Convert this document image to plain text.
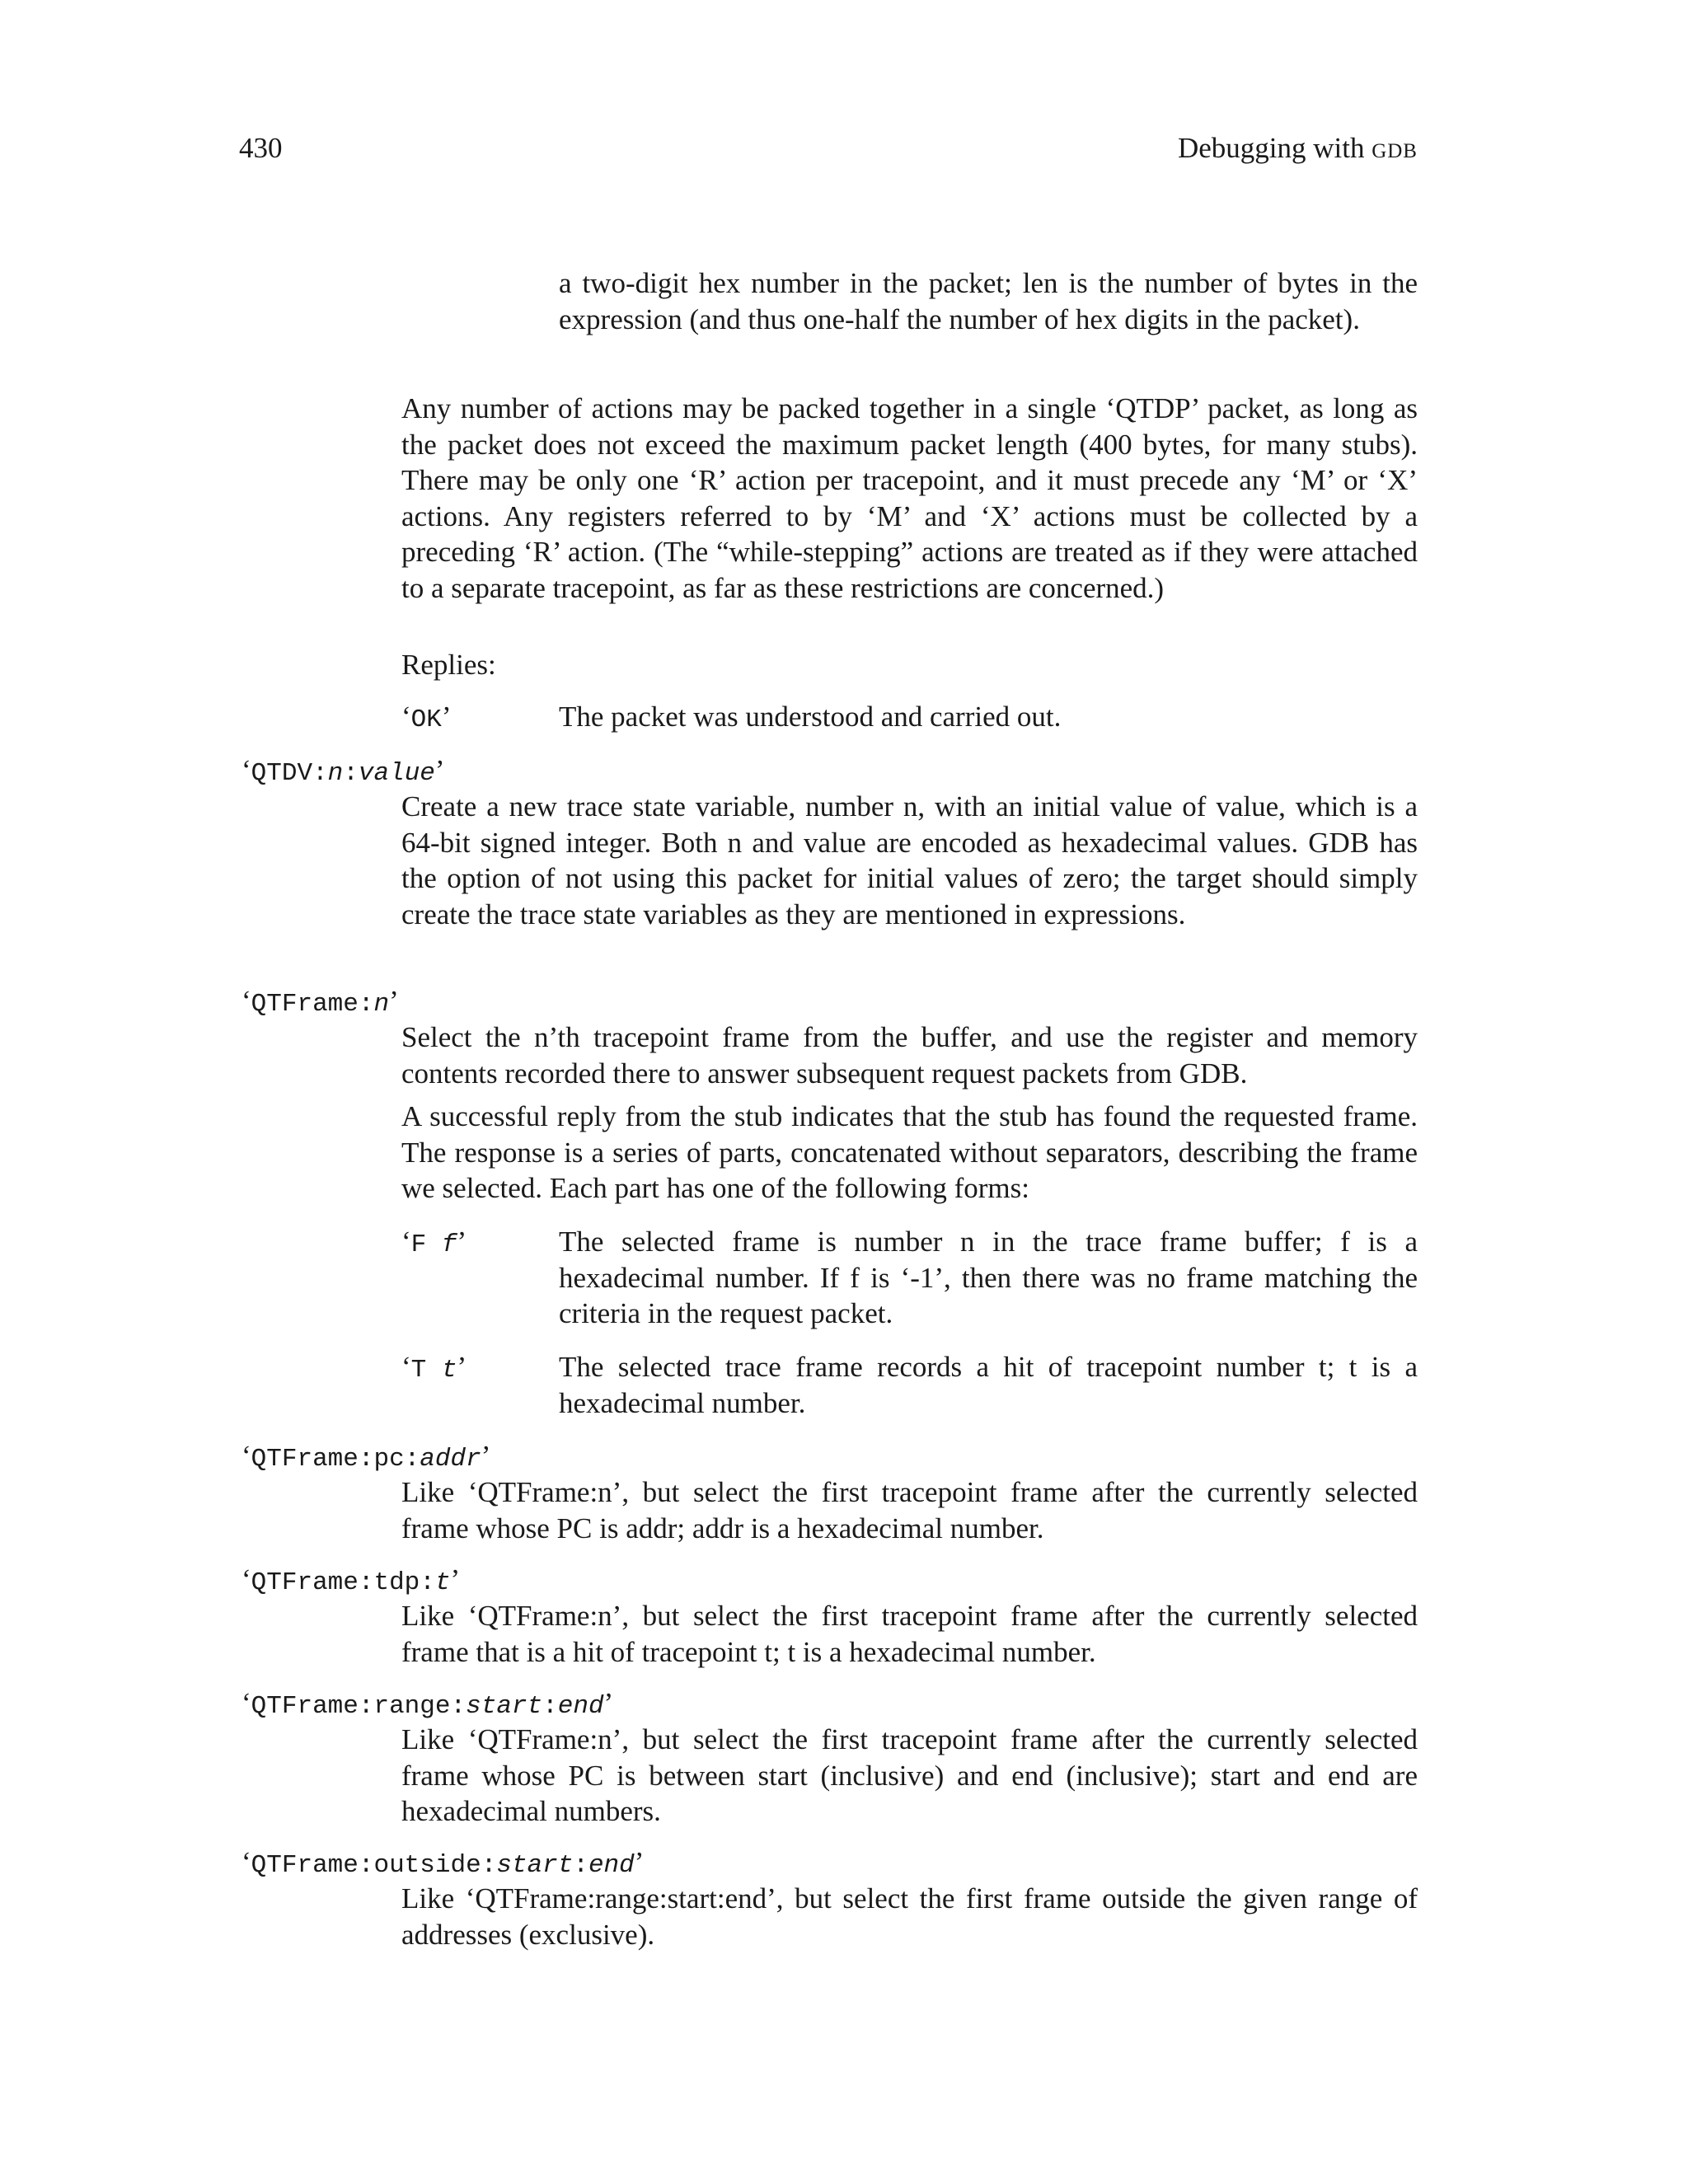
430	Debugging with gdb

a two-digit hex number in the packet; len is the number of bytes in the expression (and thus one-half the number of hex digits in the packet).

Any number of actions may be packed together in a single ‘QTDP’ packet, as long as the packet does not exceed the maximum packet length (400 bytes, for many stubs). There may be only one ‘R’ action per tracepoint, and it must precede any ‘M’ or ‘X’ actions. Any registers referred to by ‘M’ and ‘X’ actions must be collected by a preceding ‘R’ action. (The “while-stepping” actions are treated as if they were attached to a separate tracepoint, as far as these restrictions are concerned.)

Replies:

‘OK’	The packet was understood and carried out.

‘QTDV:n:value’

Create a new trace state variable, number n, with an initial value of value, which is a 64-bit signed integer. Both n and value are encoded as hexadecimal values. GDB has the option of not using this packet for initial values of zero; the target should simply create the trace state variables as they are mentioned in expressions.

‘QTFrame:n’

Select the n’th tracepoint frame from the buffer, and use the register and memory contents recorded there to answer subsequent request packets from GDB.

A successful reply from the stub indicates that the stub has found the requested frame. The response is a series of parts, concatenated without separators, describing the frame we selected. Each part has one of the following forms:

‘F f’	The selected frame is number n in the trace frame buffer; f is a hexadecimal number. If f is ‘-1’, then there was no frame matching the criteria in the request packet.

‘T t’	The selected trace frame records a hit of tracepoint number t; t is a hexadecimal number.

‘QTFrame:pc:addr’

Like ‘QTFrame:n’, but select the first tracepoint frame after the currently selected frame whose PC is addr; addr is a hexadecimal number.

‘QTFrame:tdp:t’

Like ‘QTFrame:n’, but select the first tracepoint frame after the currently selected frame that is a hit of tracepoint t; t is a hexadecimal number.

‘QTFrame:range:start:end’

Like ‘QTFrame:n’, but select the first tracepoint frame after the currently selected frame whose PC is between start (inclusive) and end (inclusive); start and end are hexadecimal numbers.

‘QTFrame:outside:start:end’

Like ‘QTFrame:range:start:end’, but select the first frame outside the given range of addresses (exclusive).
